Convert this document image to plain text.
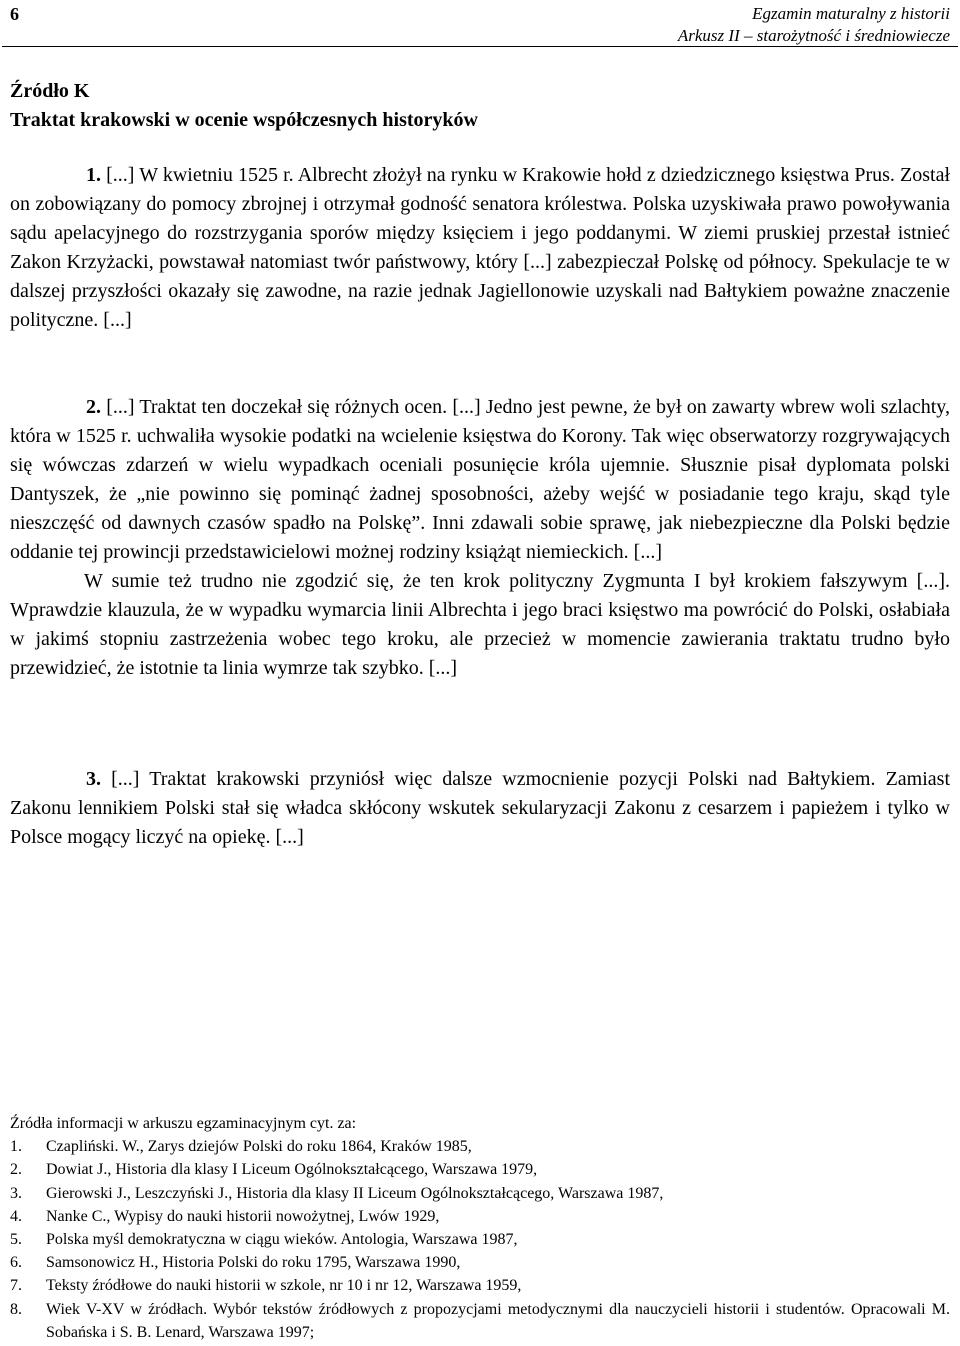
6	Egzamin maturalny z historii
Arkusz II – starożytność i średniowiecze
Źródło K
Traktat krakowski w ocenie współczesnych historyków

1. [...] W kwietniu 1525 r. Albrecht złożył na rynku w Krakowie hołd z dziedzicznego księstwa Prus. Został on zobowiązany do pomocy zbrojnej i otrzymał godność senatora królestwa. Polska uzyskiwała prawo powoływania sądu apelacyjnego do rozstrzygania sporów między księciem i jego poddanymi. W ziemi pruskiej przestał istnieć Zakon Krzyżacki, powstawał natomiast twór państwowy, który [...] zabezpieczał Polskę od północy. Spekulacje te w dalszej przyszłości okazały się zawodne, na razie jednak Jagiellonowie uzyskali nad Bałtykiem poważne znaczenie polityczne. [...]

2. [...] Traktat ten doczekał się różnych ocen. [...] Jedno jest pewne, że był on zawarty wbrew woli szlachty, która w 1525 r. uchwaliła wysokie podatki na wcielenie księstwa do Korony. Tak więc obserwatorzy rozgrywających się wówczas zdarzeń w wielu wypadkach oceniali posunięcie króla ujemnie. Słusznie pisał dyplomata polski Dantyszek, że „nie powinno się pominąć żadnej sposobności, ażeby wejść w posiadanie tego kraju, skąd tyle nieszczęść od dawnych czasów spadło na Polskę”. Inni zdawali sobie sprawę, jak niebezpieczne dla Polski będzie oddanie tej prowincji przedstawicielowi możnej rodziny książąt niemieckich. [...]

W sumie też trudno nie zgodzić się, że ten krok polityczny Zygmunta I był krokiem fałszywym [...]. Wprawdzie klauzula, że w wypadku wymarcia linii Albrechta i jego braci księstwo ma powrócić do Polski, osłabiała w jakimś stopniu zastrzeżenia wobec tego kroku, ale przecież w momencie zawierania traktatu trudno było przewidzieć, że istotnie ta linia wymrze tak szybko. [...]

3. [...] Traktat krakowski przyniósł więc dalsze wzmocnienie pozycji Polski nad Bałtykiem. Zamiast Zakonu lennikiem Polski stał się władca skłócony wskutek sekularyzacji Zakonu z cesarzem i papieżem i tylko w Polsce mogący liczyć na opiekę. [...]

Źródła informacji w arkuszu egzaminacyjnym cyt. za:

1. Czapliński. W., Zarys dziejów Polski do roku 1864, Kraków 1985,
2. Dowiat J., Historia dla klasy I Liceum Ogólnokształcącego, Warszawa 1979,
3. Gierowski J., Leszczyński J., Historia dla klasy II Liceum Ogólnokształcącego, Warszawa 1987,
4. Nanke C., Wypisy do nauki historii nowożytnej, Lwów 1929,
5. Polska myśl demokratyczna w ciągu wieków. Antologia, Warszawa 1987,
6. Samsonowicz H., Historia Polski do roku 1795, Warszawa 1990,
7. Teksty źródłowe do nauki historii w szkole, nr 10 i nr 12, Warszawa 1959,
8. Wiek V-XV w źródłach. Wybór tekstów źródłowych z propozycjami metodycznymi dla nauczycieli historii i studentów. Opracowali M. Sobańska i S. B. Lenard, Warszawa 1997;
